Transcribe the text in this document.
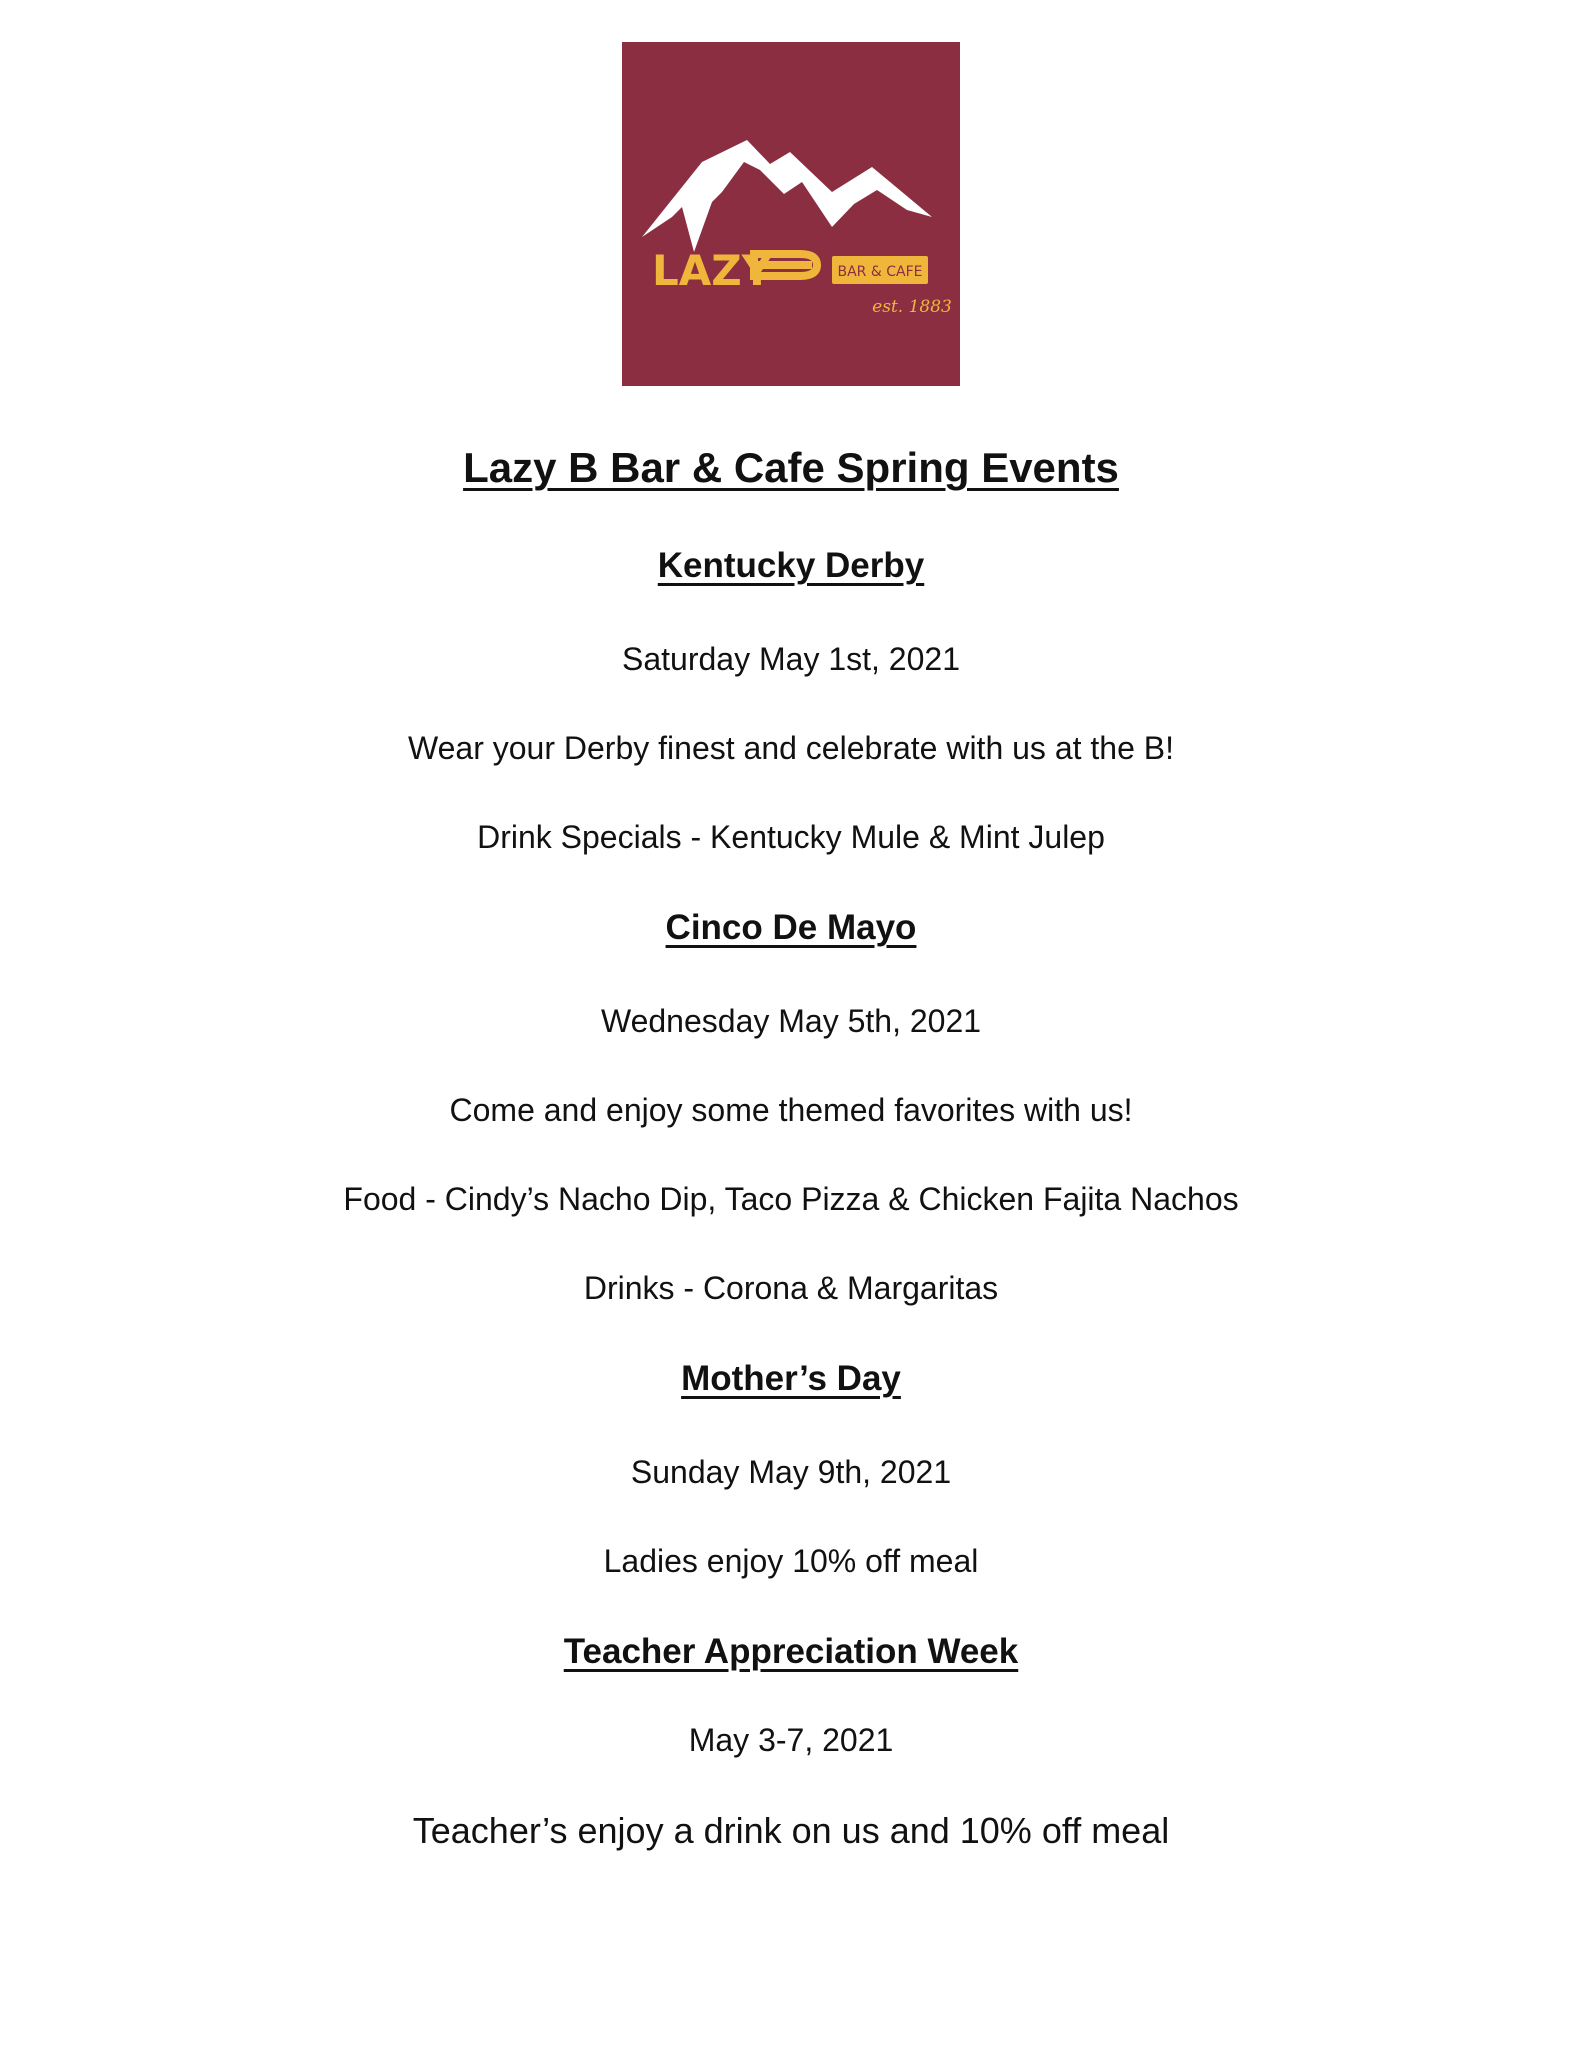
LAZY	BAR & CAFE
est. 1883
Lazy B Bar & Cafe Spring Events
Kentucky Derby
Saturday May 1st, 2021
Wear your Derby finest and celebrate with us at the B!
Drink Specials - Kentucky Mule & Mint Julep
Cinco De Mayo
Wednesday May 5th, 2021
Come and enjoy some themed favorites with us!
Food - Cindy’s Nacho Dip, Taco Pizza & Chicken Fajita Nachos
Drinks - Corona & Margaritas
Mother’s Day
Sunday May 9th, 2021
Ladies enjoy 10% off meal
Teacher Appreciation Week
May 3-7, 2021
Teacher’s enjoy a drink on us and 10% off meal
